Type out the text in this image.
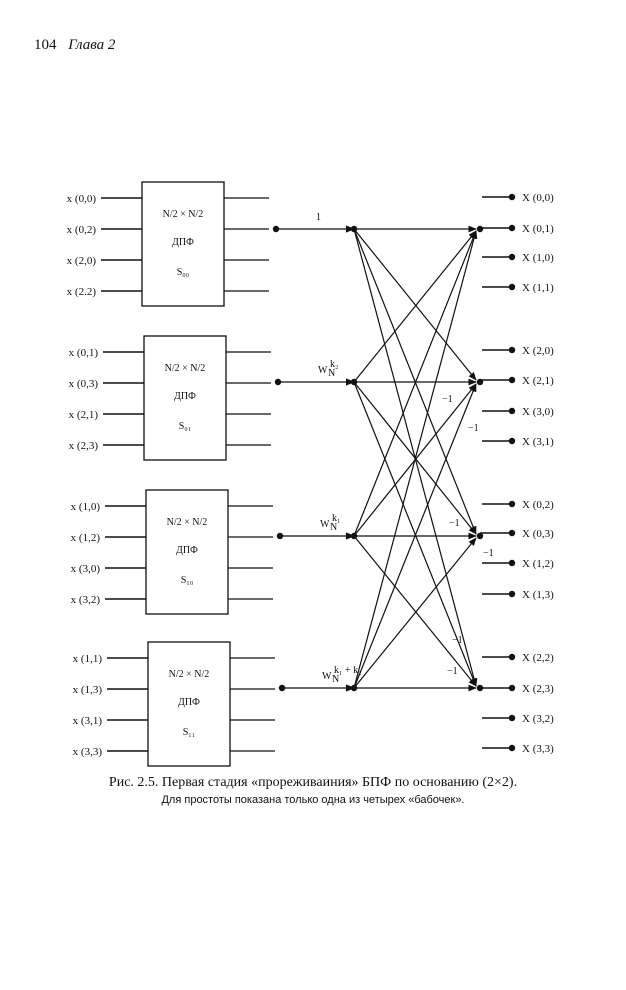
104 Глава 2
N/2 × N/2
ДПФ
S₀₀
x (0,0)
x (0,2)
x (2,0)
x (2.2)
N/2 × N/2
ДПФ
S₀₁
x (0,1)
x (0,3)
x (2,1)
x (2,3)
N/2 × N/2
ДПФ
S₁₀
x (1,0)
x (1,2)
x (3,0)
x (3,2)
N/2 × N/2
ДПФ
S₁₁
x (1,1)
x (1,3)
x (3,1)
x (3,3)
X (0,0)
X (0,1)
X (1,0)
X (1,1)
X (2,0)
X (2,1)
X (3,0)
X (3,1)
X (0,2)
X (0,3)
X (1,2)
X (1,3)
X (2,2)
X (2,3)
X (3,2)
X (3,3)
1
W N
k₂
W N
k₁
W N
k₁ + k₂
−1
−1
−1
−1
−1
−1
Рис. 2.5. Первая стадия «прореживаиния» БПФ по основанию (2×2).
Для простоты показана только одна из четырех «бабочек».
